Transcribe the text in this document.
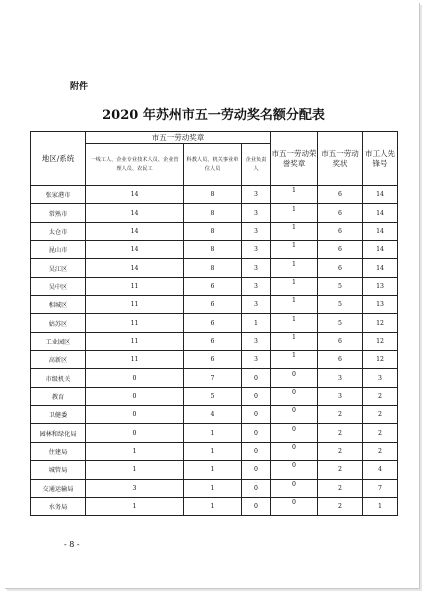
附件
2020 年苏州市五一劳动奖名额分配表
地区/系统	市五一劳动奖章			市五一劳动荣誉奖章	市五一劳动奖状	市工人先锋号
	一线工人、企业专业技术人员、企业管理人员、农民工	科教人员、机关事业单位人员	企业负责人			
张家港市	14	8	3	1	6	14
常熟市	14	8	3	1	6	14
太仓市	14	8	3	1	6	14
昆山市	14	8	3	1	6	14
吴江区	14	8	3	1	6	14
吴中区	11	6	3	1	5	13
相城区	11	6	3	1	5	13
姑苏区	11	6	1	1	5	12
工业园区	11	6	3	1	6	12
高新区	11	6	3	1	6	12
市级机关	0	7	0	0	3	3
教育	0	5	0	0	3	2
卫健委	0	4	0	0	2	2
园林和绿化局	0	1	0	0	2	2
住建局	1	1	0	0	2	2
城管局	1	1	0	0	2	4
交通运输局	3	1	0	0	2	7
水务局	1	1	0	0	2	1
- 8 -
